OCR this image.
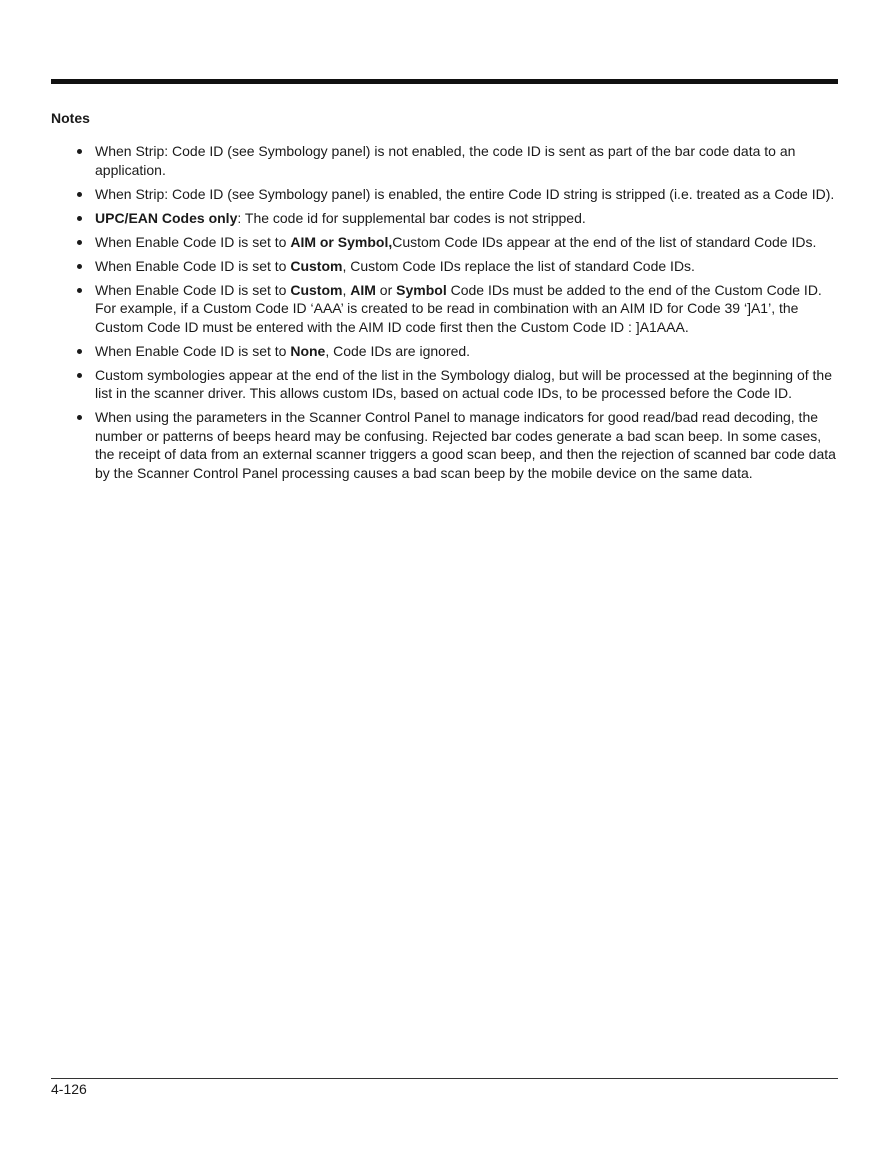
Notes
When Strip: Code ID (see Symbology panel) is not enabled, the code ID is sent as part of the bar code data to an application.
When Strip: Code ID (see Symbology panel) is enabled, the entire Code ID string is stripped (i.e. treated as a Code ID).
UPC/EAN Codes only: The code id for supplemental bar codes is not stripped.
When Enable Code ID is set to AIM or Symbol,Custom Code IDs appear at the end of the list of standard Code IDs.
When Enable Code ID is set to Custom, Custom Code IDs replace the list of standard Code IDs.
When Enable Code ID is set to Custom, AIM or Symbol Code IDs must be added to the end of the Custom Code ID. For example, if a Custom Code ID ‘AAA’ is created to be read in combination with an AIM ID for Code 39 ‘]A1’, the Custom Code ID must be entered with the AIM ID code first then the Custom Code ID : ]A1AAA.
When Enable Code ID is set to None, Code IDs are ignored.
Custom symbologies appear at the end of the list in the Symbology dialog, but will be processed at the beginning of the list in the scanner driver. This allows custom IDs, based on actual code IDs, to be processed before the Code ID.
When using the parameters in the Scanner Control Panel to manage indicators for good read/bad read decoding, the number or patterns of beeps heard may be confusing. Rejected bar codes generate a bad scan beep. In some cases, the receipt of data from an external scanner triggers a good scan beep, and then the rejection of scanned bar code data by the Scanner Control Panel processing causes a bad scan beep by the mobile device on the same data.
4-126
